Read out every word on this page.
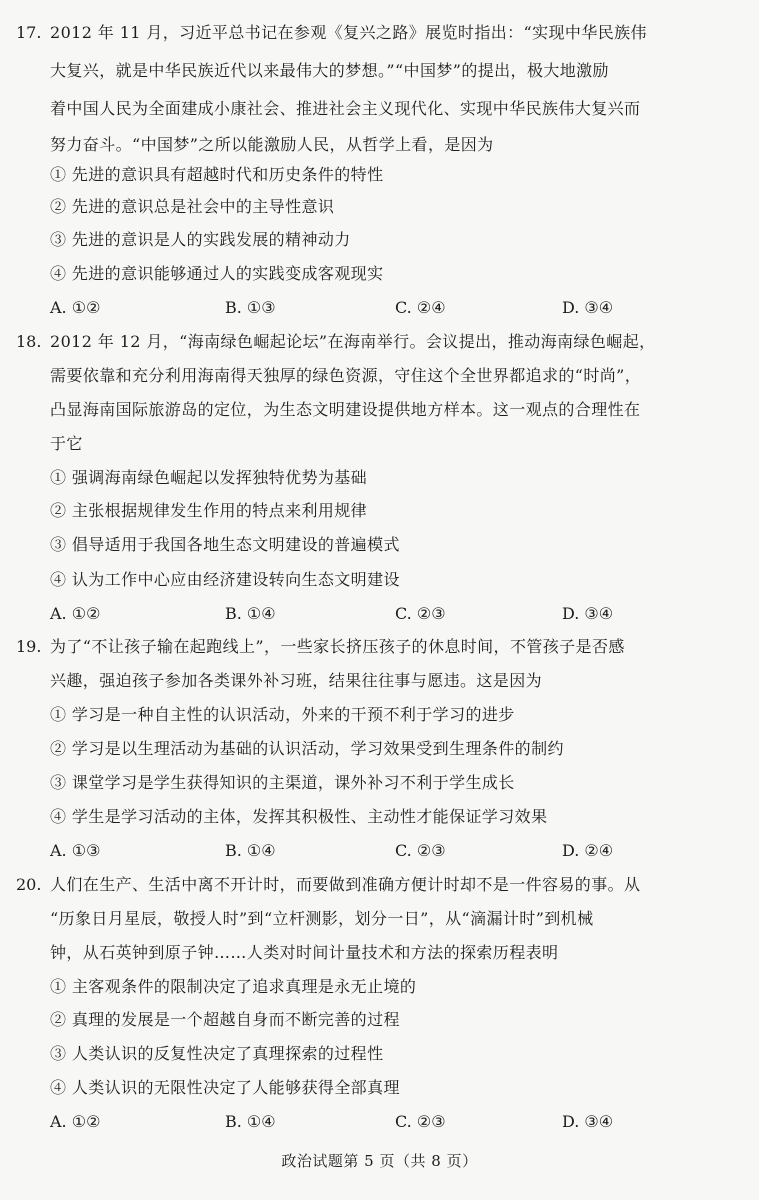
17. 2012 年 11 月，习近平总书记在参观《复兴之路》展览时指出：“实现中华民族伟
大复兴，就是中华民族近代以来最伟大的梦想。”“中国梦”的提出，极大地激励
着中国人民为全面建成小康社会、推进社会主义现代化、实现中华民族伟大复兴而
努力奋斗。“中国梦”之所以能激励人民，从哲学上看，是因为
① 先进的意识具有超越时代和历史条件的特性
② 先进的意识总是社会中的主导性意识
③ 先进的意识是人的实践发展的精神动力
④ 先进的意识能够通过人的实践变成客观现实
A. ①②	B. ①③	C. ②④	D. ③④
18. 2012 年 12 月，“海南绿色崛起论坛”在海南举行。会议提出，推动海南绿色崛起，
需要依靠和充分利用海南得天独厚的绿色资源，守住这个全世界都追求的“时尚”，
凸显海南国际旅游岛的定位，为生态文明建设提供地方样本。这一观点的合理性在
于它
① 强调海南绿色崛起以发挥独特优势为基础
② 主张根据规律发生作用的特点来利用规律
③ 倡导适用于我国各地生态文明建设的普遍模式
④ 认为工作中心应由经济建设转向生态文明建设
A. ①②	B. ①④	C. ②③	D. ③④
19. 为了“不让孩子输在起跑线上”，一些家长挤压孩子的休息时间，不管孩子是否感
兴趣，强迫孩子参加各类课外补习班，结果往往事与愿违。这是因为
① 学习是一种自主性的认识活动，外来的干预不利于学习的进步
② 学习是以生理活动为基础的认识活动，学习效果受到生理条件的制约
③ 课堂学习是学生获得知识的主渠道，课外补习不利于学生成长
④ 学生是学习活动的主体，发挥其积极性、主动性才能保证学习效果
A. ①③	B. ①④	C. ②③	D. ②④
20. 人们在生产、生活中离不开计时，而要做到准确方便计时却不是一件容易的事。从
“历象日月星辰，敬授人时”到“立杆测影，划分一日”，从“滴漏计时”到机械
钟，从石英钟到原子钟……人类对时间计量技术和方法的探索历程表明
① 主客观条件的限制决定了追求真理是永无止境的
② 真理的发展是一个超越自身而不断完善的过程
③ 人类认识的反复性决定了真理探索的过程性
④ 人类认识的无限性决定了人能够获得全部真理
A. ①②	B. ①④	C. ②③	D. ③④
政治试题第 5 页（共 8 页）
